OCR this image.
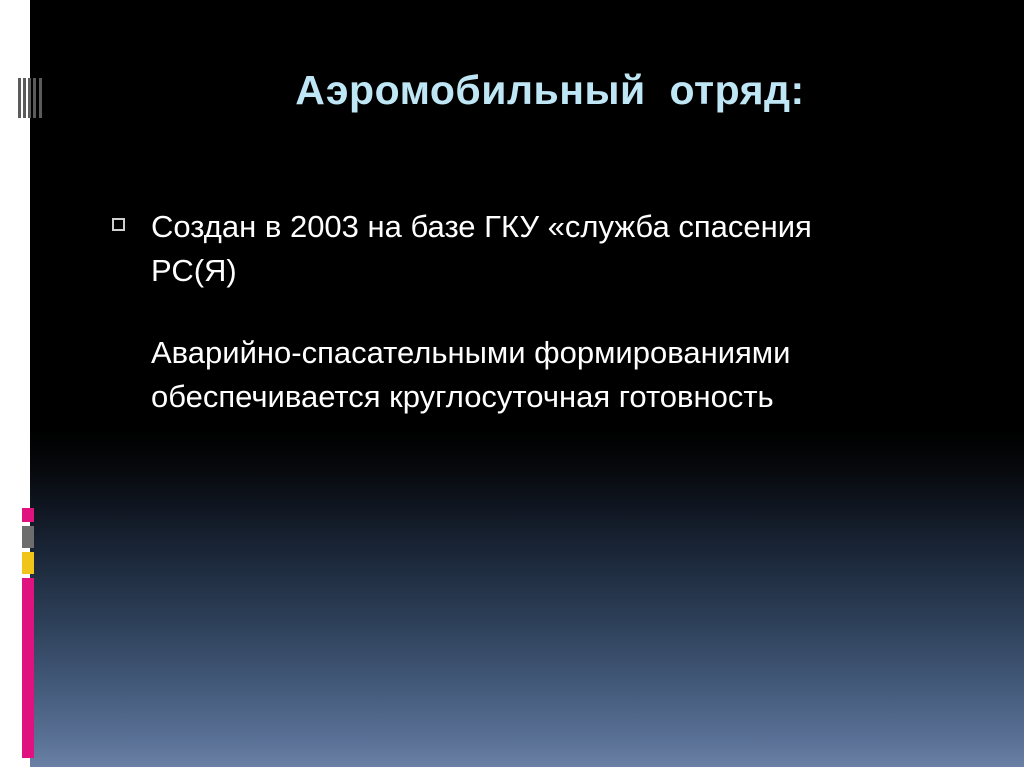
Аэромобильный  отряд:
Создан в 2003 на базе ГКУ «служба спасения РС(Я)
Аварийно-спасательными формированиями обеспечивается круглосуточная готовность
